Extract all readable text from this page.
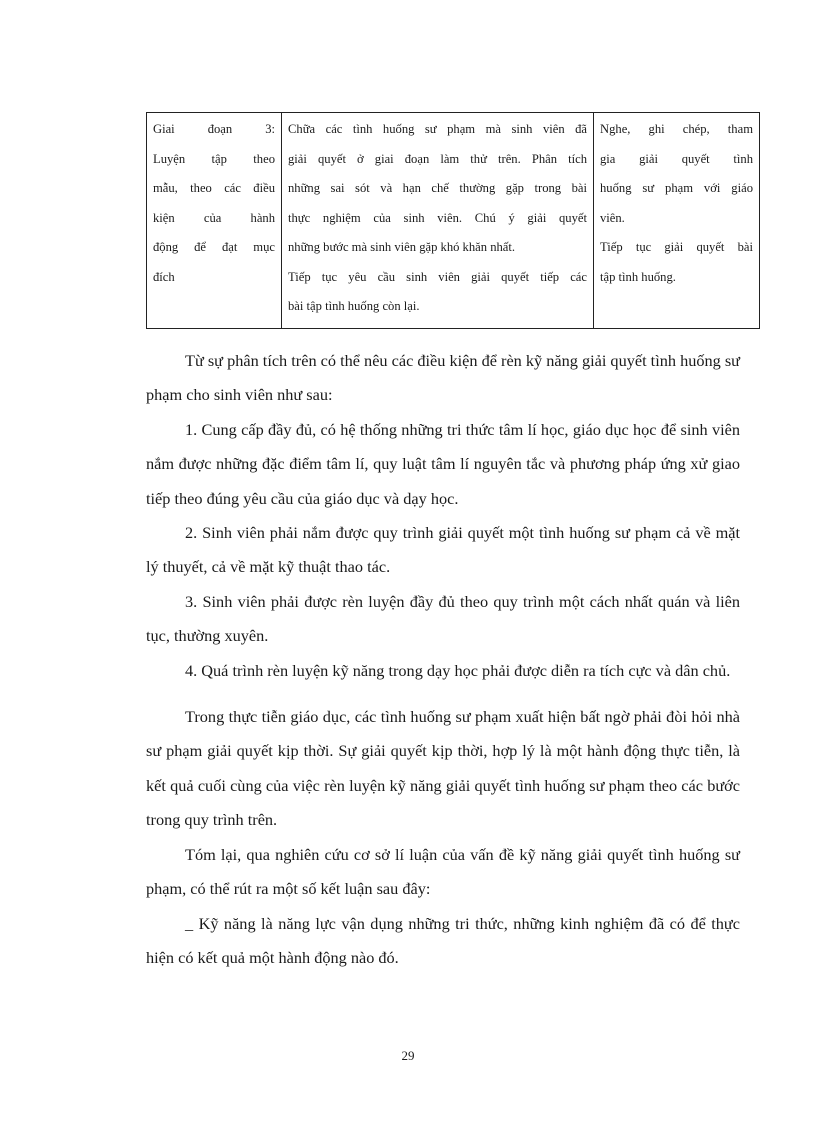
Giai đoạn 3:
Luyện tập theo
mẫu, theo các điều
kiện của hành
động để đạt mục
đích

Chữa các tình huống sư phạm mà sinh viên đã
giải quyết ở giai đoạn làm thử trên. Phân tích
những sai sót và hạn chế thường gặp trong bài
thực nghiệm của sinh viên. Chú ý giải quyết
những bước mà sinh viên gặp khó khăn nhất.
Tiếp tục yêu cầu sinh viên giải quyết tiếp các
bài tập tình huống còn lại.

Nghe, ghi chép, tham
gia giải quyết tình
huống sư phạm với giáo
viên.
Tiếp tục giải quyết bài
tập tình huống.

Từ sự phân tích trên có thể nêu các điều kiện để rèn kỹ năng giải quyết tình huống sư phạm cho sinh viên như sau:

1. Cung cấp đầy đủ, có hệ thống những tri thức tâm lí học, giáo dục học để sinh viên nắm được những đặc điểm tâm lí, quy luật tâm lí nguyên tắc và phương pháp ứng xử giao tiếp theo đúng yêu cầu của giáo dục và dạy học.

2. Sinh viên phải nắm được quy trình giải quyết một tình huống sư phạm cả về mặt lý thuyết, cả về mặt kỹ thuật thao tác.

3. Sinh viên phải được rèn luyện đầy đủ theo quy trình một cách nhất quán và liên tục, thường xuyên.

4. Quá trình rèn luyện kỹ năng trong dạy học phải được diễn ra tích cực và dân chủ.

Trong thực tiễn giáo dục, các tình huống sư phạm xuất hiện bất ngờ phải đòi hỏi nhà sư phạm giải quyết kịp thời. Sự giải quyết kịp thời, hợp lý là một hành động thực tiễn, là kết quả cuối cùng của việc rèn luyện kỹ năng giải quyết tình huống sư phạm theo các bước trong quy trình trên.

Tóm lại, qua nghiên cứu cơ sở lí luận của vấn đề kỹ năng giải quyết tình huống sư phạm, có thể rút ra một số kết luận sau đây:

_ Kỹ năng là năng lực vận dụng những tri thức, những kinh nghiệm đã có để thực hiện có kết quả một hành động nào đó.

29
